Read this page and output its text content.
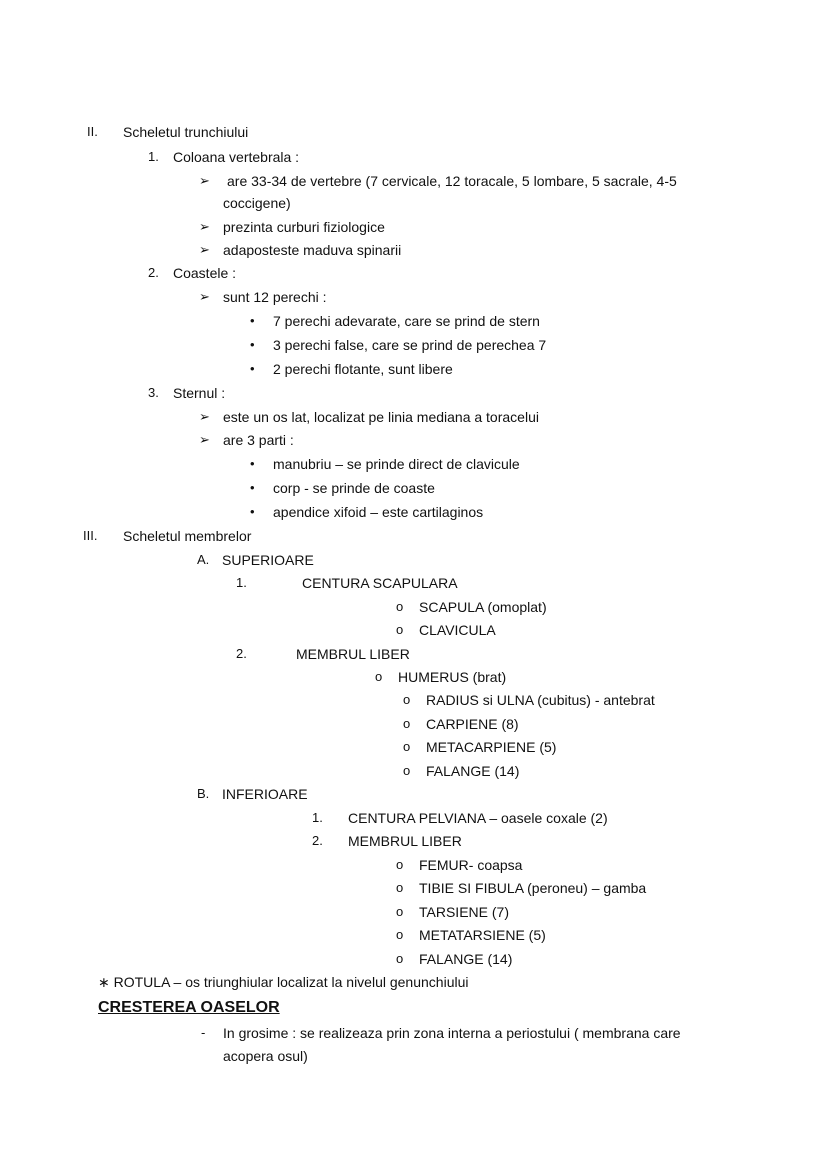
II. Scheletul trunchiului
1. Coloana vertebrala :
➢ are 33-34 de vertebre (7 cervicale, 12 toracale, 5 lombare, 5 sacrale, 4-5
coccigene)
➢ prezinta curburi fiziologice
➢ adaposteste maduva spinarii
2. Coastele :
➢ sunt 12 perechi :
• 7 perechi adevarate, care se prind de stern
• 3 perechi false, care se prind de perechea 7
• 2 perechi flotante, sunt libere
3. Sternul :
➢ este un os lat, localizat pe linia mediana a toracelui
➢ are 3 parti :
• manubriu – se prinde direct de clavicule
• corp - se prinde de coaste
• apendice xifoid – este cartilaginos
III. Scheletul membrelor
A. SUPERIOARE
1.	CENTURA SCAPULARA
o SCAPULA (omoplat)
o CLAVICULA
2.	MEMBRUL LIBER
o HUMERUS (brat)
o RADIUS si ULNA (cubitus) - antebrat
o CARPIENE (8)
o METACARPIENE (5)
o FALANGE (14)
B. INFERIOARE
1. CENTURA PELVIANA – oasele coxale (2)
2. MEMBRUL LIBER
o FEMUR- coapsa
o TIBIE SI FIBULA (peroneu) – gamba
o TARSIENE (7)
o METATARSIENE (5)
o FALANGE (14)
∗ ROTULA – os triunghiular localizat la nivelul genunchiului
CRESTEREA OASELOR
- In grosime : se realizeaza prin zona interna a periostului ( membrana care
acopera osul)
